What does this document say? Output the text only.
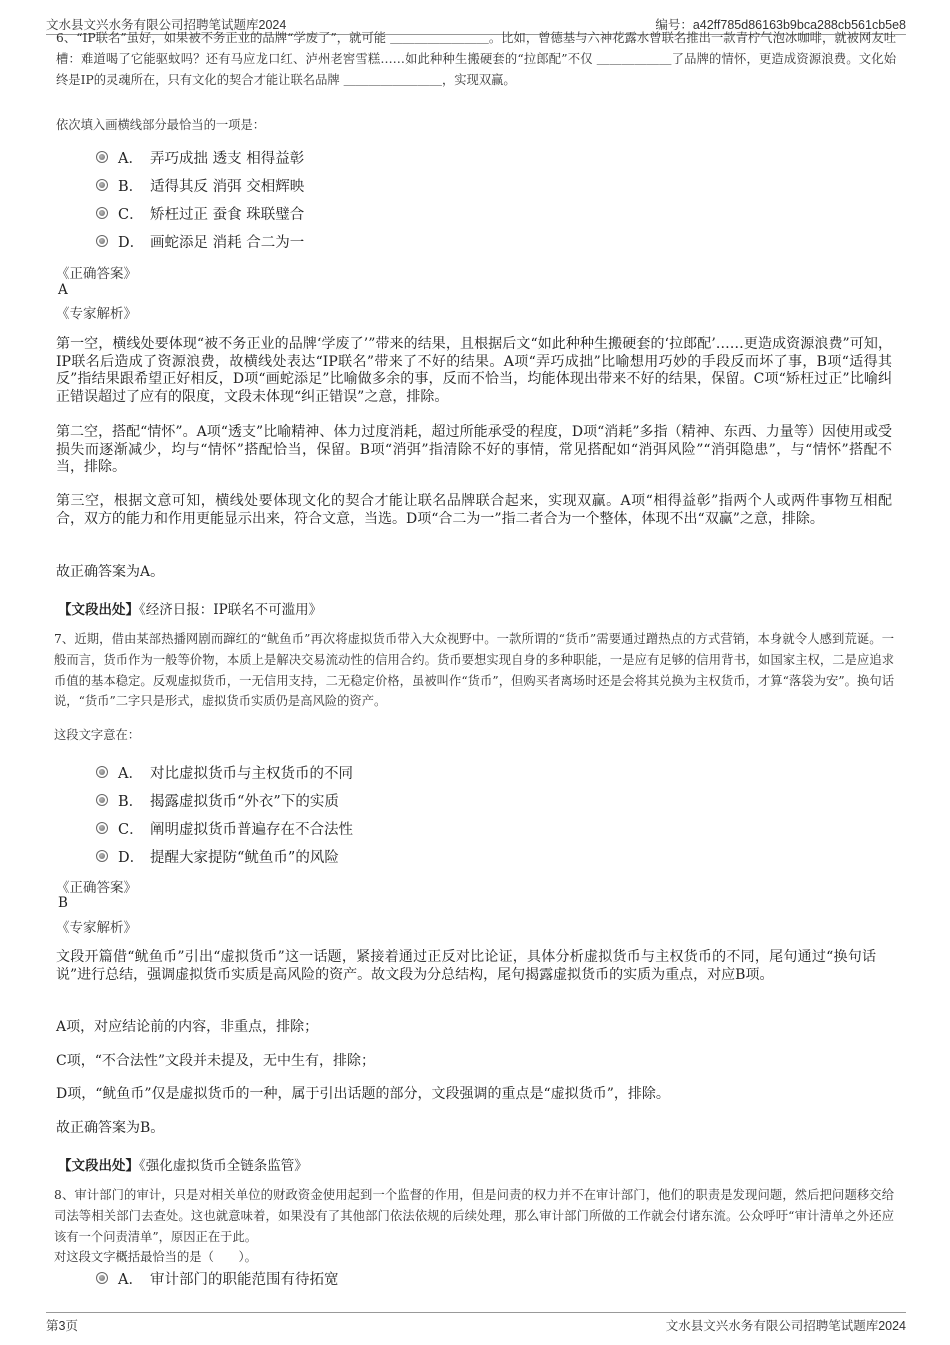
文水县文兴水务有限公司招聘笔试题库2024	编号：a42ff785d86163b9bca288cb561cb5e8
6、“IP联名”虽好，如果被不务正业的品牌“学废了”，就可能 ＿＿＿＿＿＿＿＿。比如，曾德基与六神花露水曾联名推出一款青柠气泡冰咖啡，就被网友吐槽：难道喝了它能驱蚊吗？还有马应龙口红、泸州老窖雪糕……如此种种生搬硬套的“拉郎配”不仅 ＿＿＿＿＿＿了品牌的情怀，更造成资源浪费。文化始终是IP的灵魂所在，只有文化的契合才能让联名品牌 ＿＿＿＿＿＿＿＿，实现双赢。
依次填入画横线部分最恰当的一项是：
A． 弄巧成拙 透支 相得益彰
B． 适得其反 消弭 交相辉映
C． 矫枉过正 蚕食 珠联璧合
D． 画蛇添足 消耗 合二为一
《正确答案》
A
《专家解析》
第一空，横线处要体现“被不务正业的品牌‘学废了’”带来的结果，且根据后文“如此种种生搬硬套的‘拉郎配’……更造成资源浪费”可知，IP联名后造成了资源浪费，故横线处表达“IP联名”带来了不好的结果。A项“弄巧成拙”比喻想用巧妙的手段反而坏了事，B项“适得其反”指结果跟希望正好相反，D项“画蛇添足”比喻做多余的事，反而不恰当，均能体现出带来不好的结果，保留。C项“矫枉过正”比喻纠正错误超过了应有的限度，文段未体现“纠正错误”之意，排除。
第二空，搭配“情怀”。A项“透支”比喻精神、体力过度消耗，超过所能承受的程度，D项“消耗”多指（精神、东西、力量等）因使用或受损失而逐渐减少，均与“情怀”搭配恰当，保留。B项“消弭”指清除不好的事情，常见搭配如“消弭风险”“消弭隐患”，与“情怀”搭配不当，排除。
第三空，根据文意可知，横线处要体现文化的契合才能让联名品牌联合起来，实现双赢。A项“相得益彰”指两个人或两件事物互相配合，双方的能力和作用更能显示出来，符合文意，当选。D项“合二为一”指二者合为一个整体，体现不出“双赢”之意，排除。
故正确答案为A。
【文段出处】《经济日报：IP联名不可滥用》
7、近期，借由某部热播网剧而蹿红的“鱿鱼币”再次将虚拟货币带入大众视野中。一款所谓的“货币”需要通过蹭热点的方式营销，本身就令人感到荒诞。一般而言，货币作为一般等价物，本质上是解决交易流动性的信用合约。货币要想实现自身的多种职能，一是应有足够的信用背书，如国家主权，二是应追求币值的基本稳定。反观虚拟货币，一无信用支持，二无稳定价格，虽被叫作“货币”，但购买者离场时还是会将其兑换为主权货币，才算“落袋为安”。换句话说，“货币”二字只是形式，虚拟货币实质仍是高风险的资产。
这段文字意在：
A． 对比虚拟货币与主权货币的不同
B． 揭露虚拟货币“外衣”下的实质
C． 阐明虚拟货币普遍存在不合法性
D． 提醒大家提防“鱿鱼币”的风险
《正确答案》
B
《专家解析》
文段开篇借“鱿鱼币”引出“虚拟货币”这一话题，紧接着通过正反对比论证，具体分析虚拟货币与主权货币的不同，尾句通过“换句话说”进行总结，强调虚拟货币实质是高风险的资产。故文段为分总结构，尾句揭露虚拟货币的实质为重点，对应B项。
A项，对应结论前的内容，非重点，排除；
C项，“不合法性”文段并未提及，无中生有，排除；
D项，“鱿鱼币”仅是虚拟货币的一种，属于引出话题的部分，文段强调的重点是“虚拟货币”，排除。
故正确答案为B。
【文段出处】《强化虚拟货币全链条监管》
8、审计部门的审计，只是对相关单位的财政资金使用起到一个监督的作用，但是问责的权力并不在审计部门，他们的职责是发现问题，然后把问题移交给司法等相关部门去查处。这也就意味着，如果没有了其他部门依法依规的后续处理，那么审计部门所做的工作就会付诸东流。公众呼吁“审计清单之外还应该有一个问责清单”，原因正在于此。
对这段文字概括最恰当的是（　　）。
A． 审计部门的职能范围有待拓宽
第3页	文水县文兴水务有限公司招聘笔试题库2024
